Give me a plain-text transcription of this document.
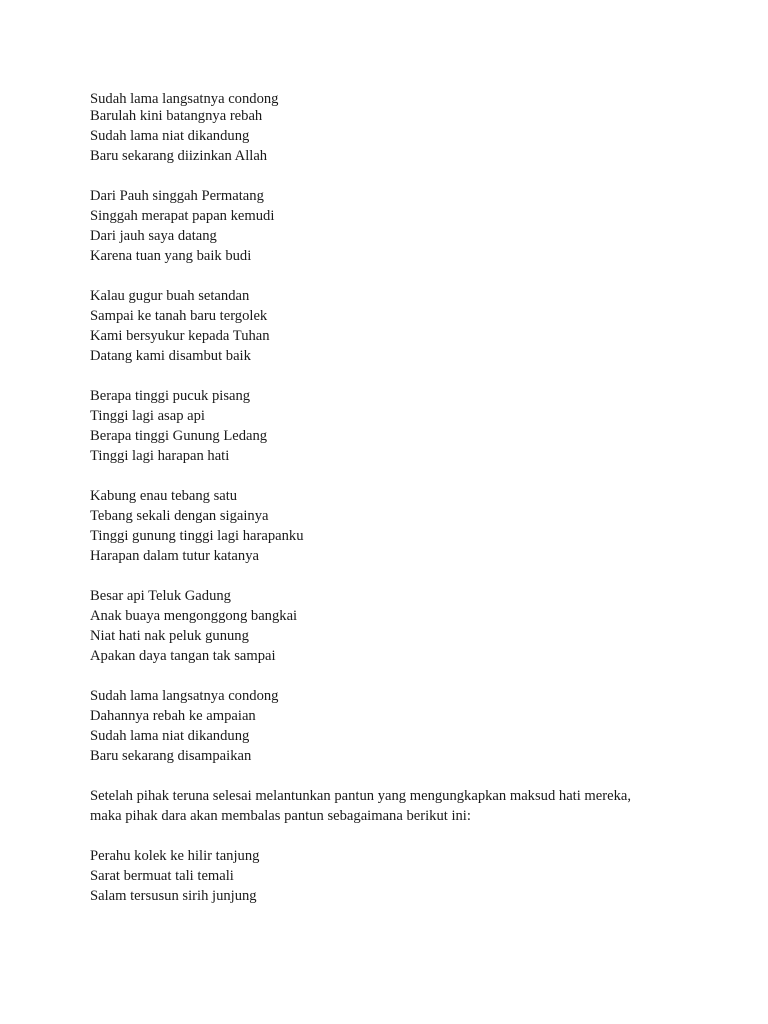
Sudah lama langsatnya condong
Barulah kini batangnya rebah
Sudah lama niat dikandung
Baru sekarang diizinkan Allah
Dari Pauh singgah Permatang
Singgah merapat papan kemudi
Dari jauh saya datang
Karena tuan yang baik budi
Kalau gugur buah setandan
Sampai ke tanah baru tergolek
Kami bersyukur kepada Tuhan
Datang kami disambut baik
Berapa tinggi pucuk pisang
Tinggi lagi asap api
Berapa tinggi Gunung Ledang
Tinggi lagi harapan hati
Kabung enau tebang satu
Tebang sekali dengan sigainya
Tinggi gunung tinggi lagi harapanku
Harapan dalam tutur katanya
Besar api Teluk Gadung
Anak buaya mengonggong bangkai
Niat hati nak peluk gunung
Apakan daya tangan tak sampai
Sudah lama langsatnya condong
Dahannya rebah ke ampaian
Sudah lama niat dikandung
Baru sekarang disampaikan
Setelah pihak teruna selesai melantunkan pantun yang mengungkapkan maksud hati mereka,
maka pihak dara akan membalas pantun sebagaimana berikut ini:
Perahu kolek ke hilir tanjung
Sarat bermuat tali temali
Salam tersusun sirih junjung
